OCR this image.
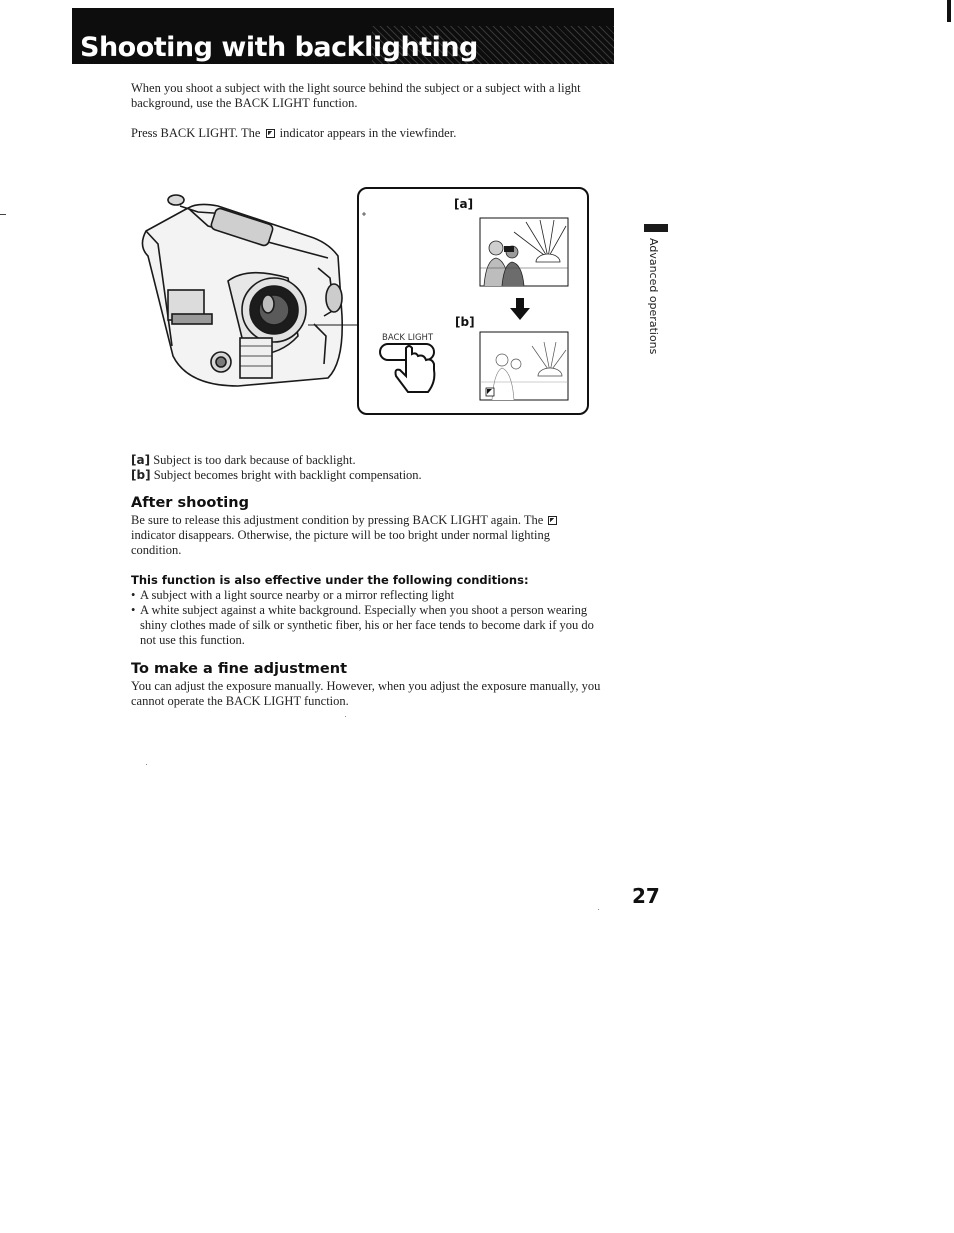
Shooting with backlighting
When you shoot a subject with the light source behind the subject or a subject with a light background, use the BACK LIGHT function.
Press BACK LIGHT. The indicator appears in the viewfinder.
[a]
[b]
BACK LIGHT
[a] Subject is too dark because of backlight.
[b] Subject becomes bright with backlight compensation.
After shooting
Be sure to release this adjustment condition by pressing BACK LIGHT again. The  indicator disappears. Otherwise, the picture will be too bright under normal lighting condition.
This function is also effective under the following conditions:
• A subject with a light source nearby or a mirror reflecting light
• A white subject against a white background. Especially when you shoot a person wearing shiny clothes made of silk or synthetic fiber, his or her face tends to become dark if you do not use this function.
To make a fine adjustment
You can adjust the exposure manually. However, when you adjust the exposure manually, you cannot operate the BACK LIGHT function.
Advanced operations
27
